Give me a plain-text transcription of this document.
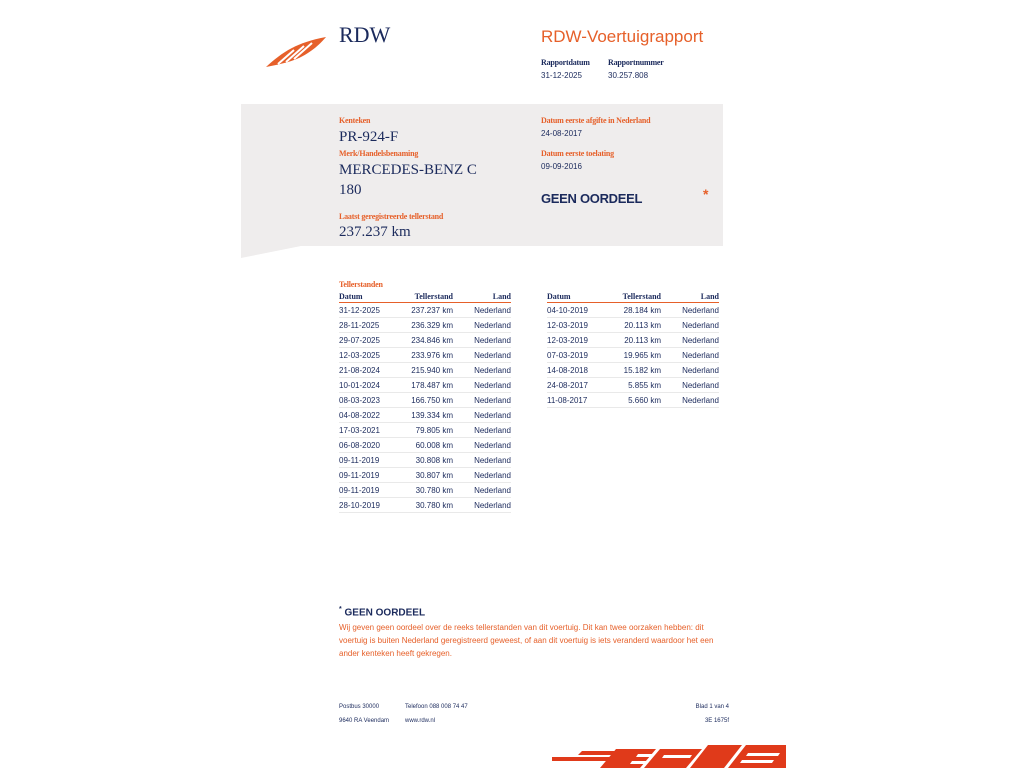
RDW	RDW-Voertuigrapport
Rapportdatum
31-12-2025
Rapportnummer
30.257.808
Kenteken
PR-924-F
Merk/Handelsbenaming
MERCEDES-BENZ C
180
Laatst geregistreerde tellerstand
237.237 km
Datum eerste afgifte in Nederland
24-08-2017
Datum eerste toelating
09-09-2016
GEEN OORDEEL	*
Tellerstanden
Datum	Tellerstand	Land
31-12-2025	237.237 km	Nederland
28-11-2025	236.329 km	Nederland
29-07-2025	234.846 km	Nederland
12-03-2025	233.976 km	Nederland
21-08-2024	215.940 km	Nederland
10-01-2024	178.487 km	Nederland
08-03-2023	166.750 km	Nederland
04-08-2022	139.334 km	Nederland
17-03-2021	79.805 km	Nederland
06-08-2020	60.008 km	Nederland
09-11-2019	30.808 km	Nederland
09-11-2019	30.807 km	Nederland
09-11-2019	30.780 km	Nederland
28-10-2019	30.780 km	Nederland
Datum	Tellerstand	Land
04-10-2019	28.184 km	Nederland
12-03-2019	20.113 km	Nederland
12-03-2019	20.113 km	Nederland
07-03-2019	19.965 km	Nederland
14-08-2018	15.182 km	Nederland
24-08-2017	5.855 km	Nederland
11-08-2017	5.660 km	Nederland
* GEEN OORDEEL
Wij geven geen oordeel over de reeks tellerstanden van dit voertuig. Dit kan twee oorzaken hebben: dit voertuig is buiten Nederland geregistreerd geweest, of aan dit voertuig is iets veranderd waardoor het een ander kenteken heeft gekregen.
Postbus 30000
9640 RA Veendam
Telefoon 088 008 74 47
www.rdw.nl
Blad 1 van 4
3E 1675f
